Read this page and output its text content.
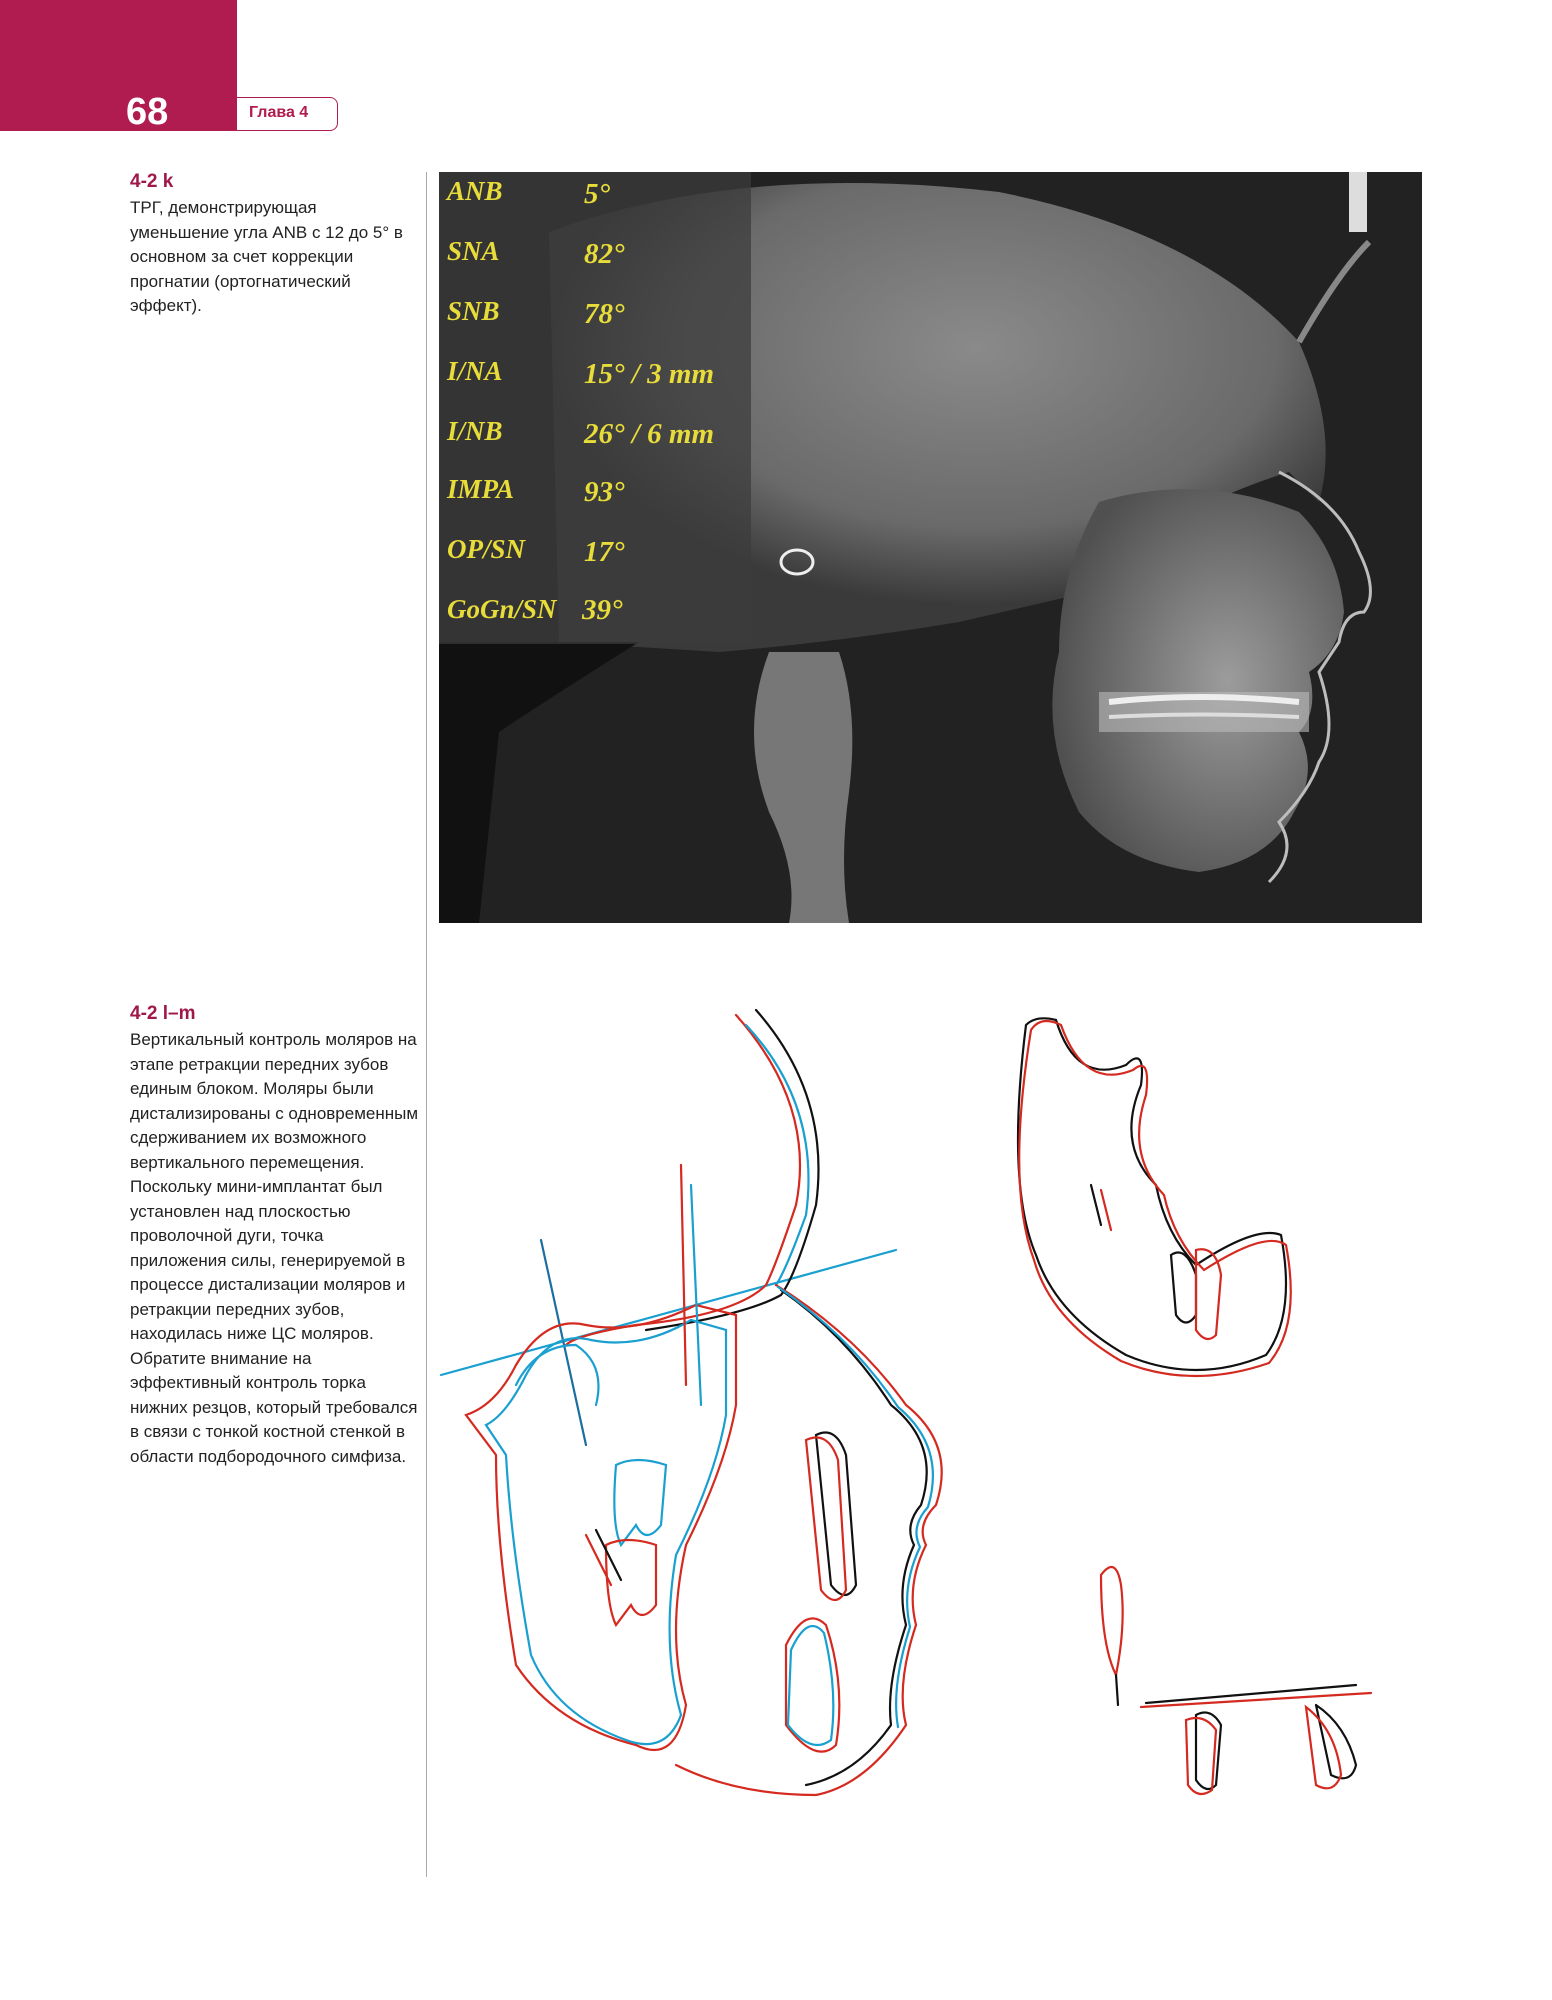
68	Глава 4
4-2 k
ТРГ, демонстрирующая уменьшение угла ANB с 12 до 5° в основном за счет коррекции прогнатии (ортогнатический эффект).
4-2 l–m
Вертикальный контроль моляров на этапе ретракции передних зубов единым блоком. Моляры были дистализированы с одновременным сдерживанием их возможного вертикального перемещения. Поскольку мини-имплантат был установлен над плоскостью проволочной дуги, точка приложения силы, генерируемой в процессе дистализации моляров и ретракции передних зубов, находилась ниже ЦС моляров. Обратите внимание на эффективный контроль торка нижних резцов, который требовался в связи с тонкой костной стенкой в области подбородочного симфиза.
ANB	5°
SNA	82°
SNB	78°
I/NA	15° / 3 mm
I/NB	26° / 6 mm
IMPA 93°
OP/SN 17°
GoGn/SN 39°
